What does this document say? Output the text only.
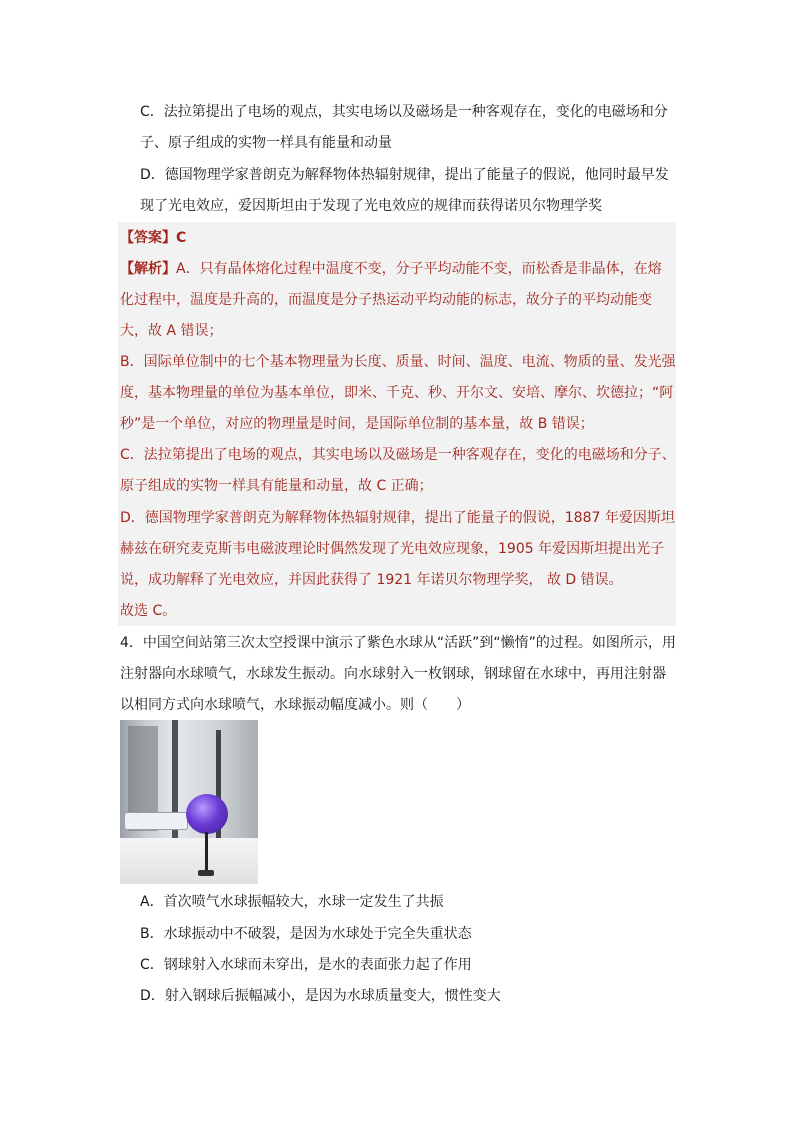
C．法拉第提出了电场的观点，其实电场以及磁场是一种客观存在，变化的电磁场和分
子、原子组成的实物一样具有能量和动量
D．德国物理学家普朗克为解释物体热辐射规律，提出了能量子的假说，他同时最早发
现了光电效应，爱因斯坦由于发现了光电效应的规律而获得诺贝尔物理学奖
【答案】C
【解析】A．只有晶体熔化过程中温度不变，分子平均动能不变，而松香是非晶体，在熔
化过程中，温度是升高的，而温度是分子热运动平均动能的标志，故分子的平均动能变
大，故 A 错误；
B．国际单位制中的七个基本物理量为长度、质量、时间、温度、电流、物质的量、发光强
度，基本物理量的单位为基本单位，即米、千克、秒、开尔文、安培、摩尔、坎德拉；“阿
秒”是一个单位，对应的物理量是时间，是国际单位制的基本量，故 B 错误；
C．法拉第提出了电场的观点，其实电场以及磁场是一种客观存在，变化的电磁场和分子、
原子组成的实物一样具有能量和动量，故 C 正确；
D．德国物理学家普朗克为解释物体热辐射规律，提出了能量子的假说，1887 年爱因斯坦
赫兹在研究麦克斯韦电磁波理论时偶然发现了光电效应现象，1905 年爱因斯坦提出光子
说，成功解释了光电效应，并因此获得了 1921 年诺贝尔物理学奖， 故 D 错误。
故选 C。
4．中国空间站第三次太空授课中演示了紫色水球从“活跃”到“懒惰”的过程。如图所示，用
注射器向水球喷气，水球发生振动。向水球射入一枚钢球，钢球留在水球中，再用注射器
以相同方式向水球喷气，水球振动幅度减小。则（　　）
A．首次喷气水球振幅较大，水球一定发生了共振
B．水球振动中不破裂，是因为水球处于完全失重状态
C．钢球射入水球而未穿出，是水的表面张力起了作用
D．射入钢球后振幅减小，是因为水球质量变大，惯性变大
